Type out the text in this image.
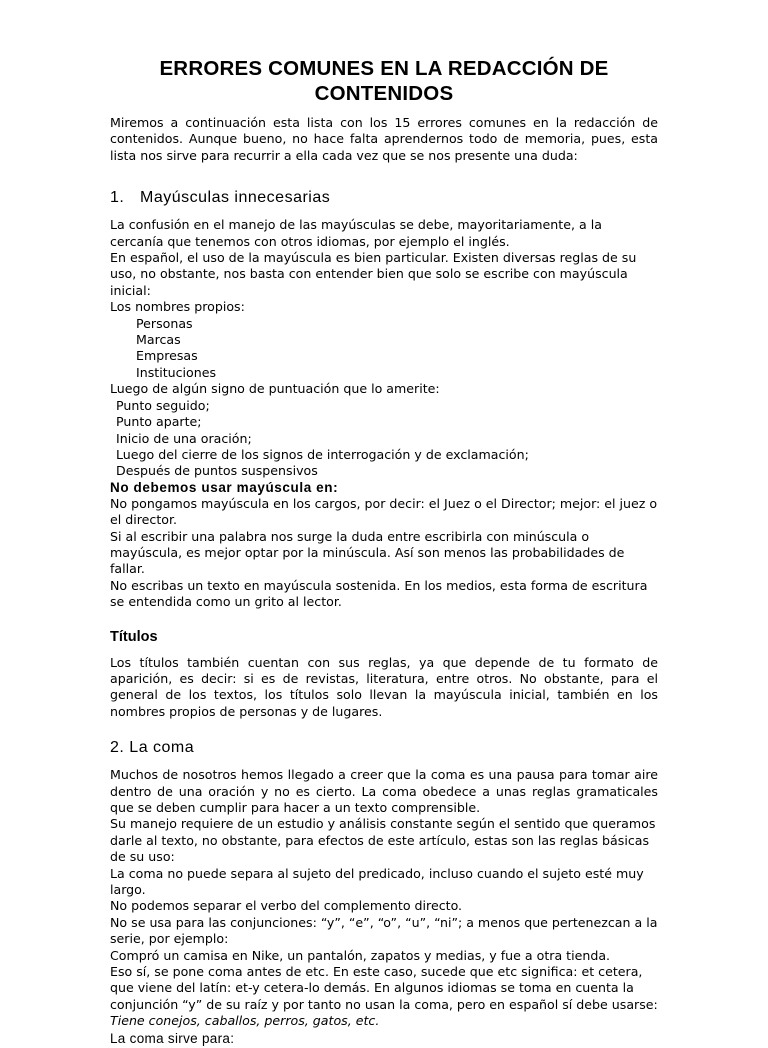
ERRORES COMUNES EN LA REDACCIÓN DE
CONTENIDOS

Miremos a continuación esta lista con los 15 errores comunes en la redacción de contenidos. Aunque bueno, no hace falta aprendernos todo de memoria, pues, esta lista nos sirve para recurrir a ella cada vez que se nos presente una duda:

1. Mayúsculas innecesarias

La confusión en el manejo de las mayúsculas se debe, mayoritariamente, a la cercanía que tenemos con otros idiomas, por ejemplo el inglés.

En español, el uso de la mayúscula es bien particular. Existen diversas reglas de su uso, no obstante, nos basta con entender bien que solo se escribe con mayúscula inicial:

Los nombres propios:

Personas

Marcas

Empresas

Instituciones

Luego de algún signo de puntuación que lo amerite:

Punto seguido;

Punto aparte;

Inicio de una oración;

Luego del cierre de los signos de interrogación y de exclamación;

Después de puntos suspensivos

No debemos usar mayúscula en:

No pongamos mayúscula en los cargos, por decir: el Juez o el Director; mejor: el juez o el director.

Si al escribir una palabra nos surge la duda entre escribirla con minúscula o mayúscula, es mejor optar por la minúscula. Así son menos las probabilidades de fallar.

No escribas un texto en mayúscula sostenida. En los medios, esta forma de escritura se entendida como un grito al lector.

Títulos

Los títulos también cuentan con sus reglas, ya que depende de tu formato de aparición, es decir: si es de revistas, literatura, entre otros. No obstante, para el general de los textos, los títulos solo llevan la mayúscula inicial, también en los nombres propios de personas y de lugares.

2. La coma

Muchos de nosotros hemos llegado a creer que la coma es una pausa para tomar aire dentro de una oración y no es cierto. La coma obedece a unas reglas gramaticales que se deben cumplir para hacer a un texto comprensible.

Su manejo requiere de un estudio y análisis constante según el sentido que queramos darle al texto, no obstante, para efectos de este artículo, estas son las reglas básicas de su uso:

La coma no puede separa al sujeto del predicado, incluso cuando el sujeto esté muy largo.

No podemos separar el verbo del complemento directo.

No se usa para las conjunciones: “y”, “e”, “o”, “u”, “ni”; a menos que pertenezcan a la serie, por ejemplo:

Compró un camisa en Nike, un pantalón, zapatos y medias, y fue a otra tienda.

Eso sí, se pone coma antes de etc. En este caso, sucede que etc significa: et cetera, que viene del latín: et-y cetera-lo demás. En algunos idiomas se toma en cuenta la conjunción “y” de su raíz y por tanto no usan la coma, pero en español sí debe usarse:

Tiene conejos, caballos, perros, gatos, etc.

La coma sirve para:
